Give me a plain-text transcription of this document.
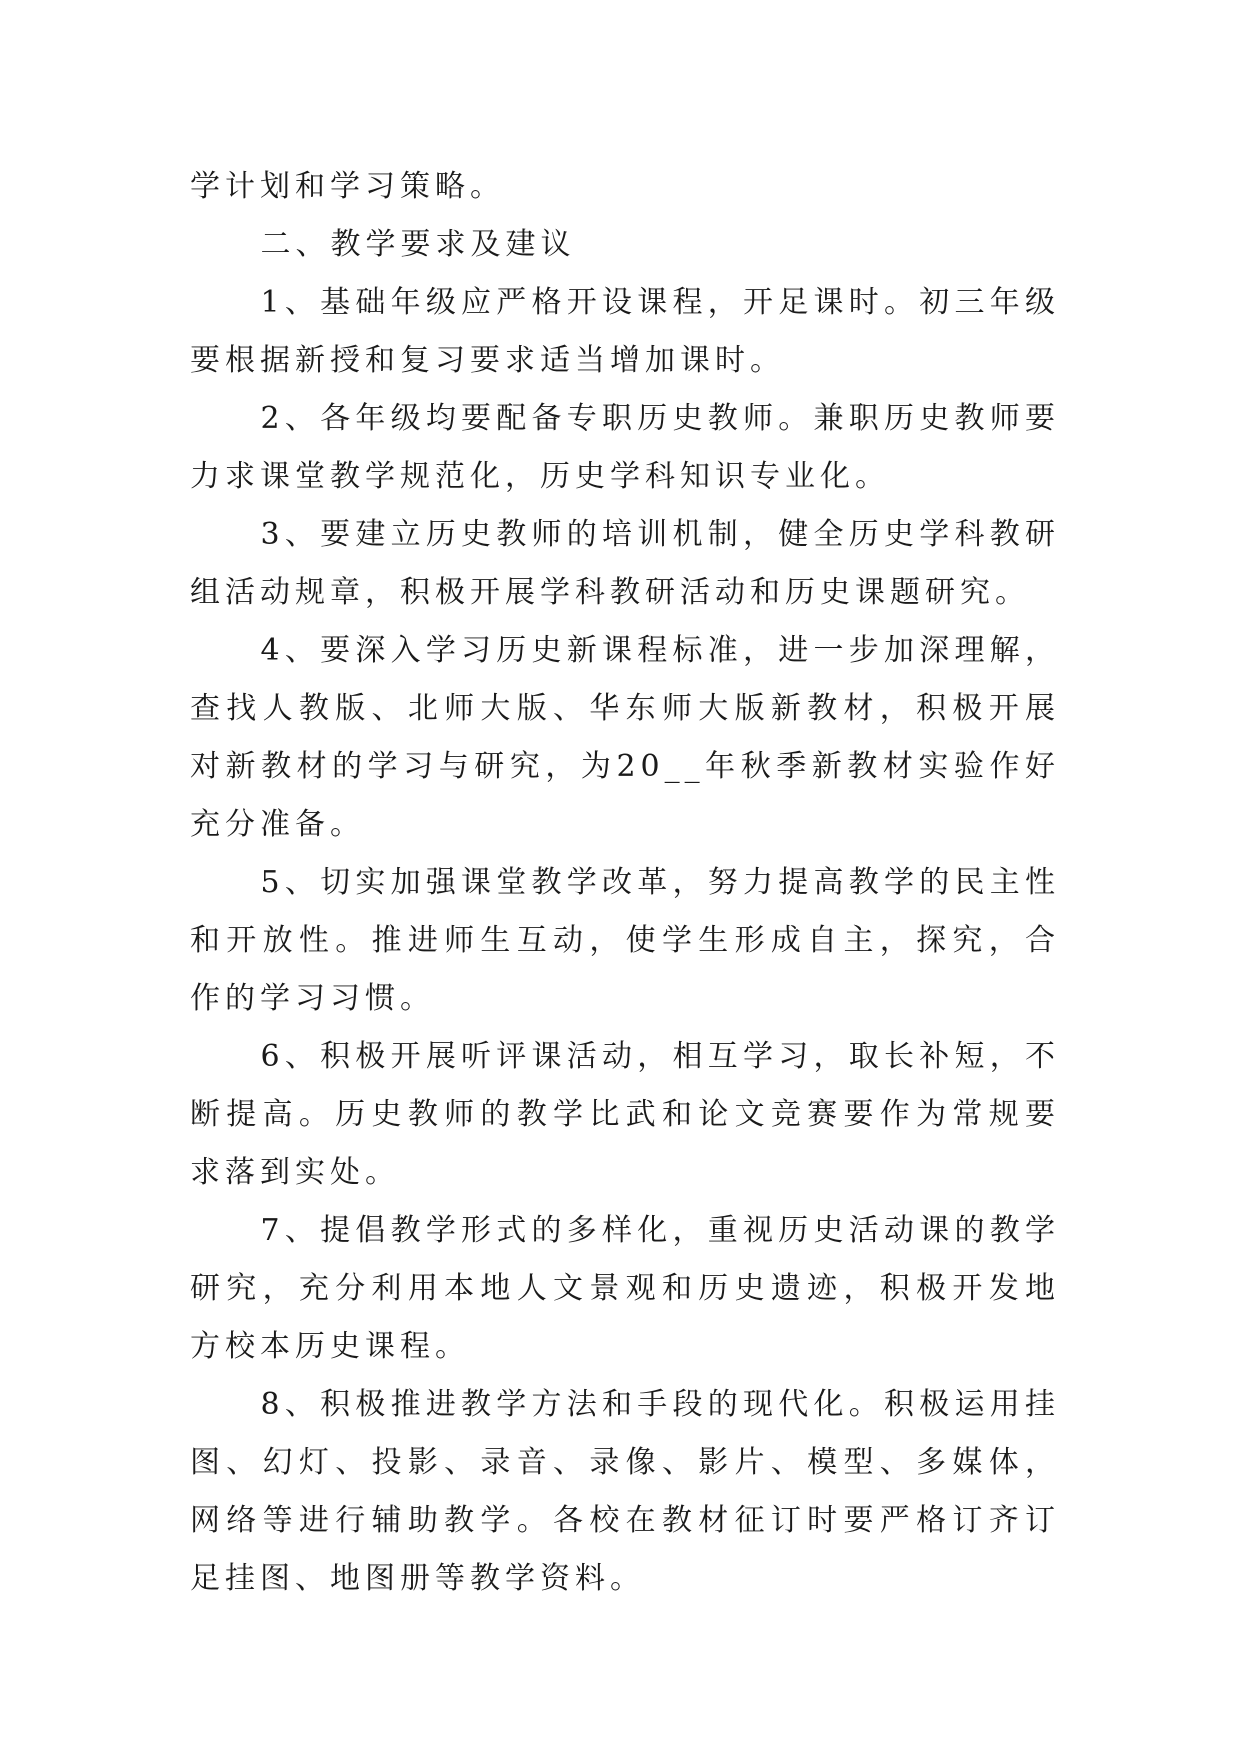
学计划和学习策略。

二、教学要求及建议

1、基础年级应严格开设课程，开足课时。初三年级要根据新授和复习要求适当增加课时。

2、各年级均要配备专职历史教师。兼职历史教师要力求课堂教学规范化，历史学科知识专业化。

3、要建立历史教师的培训机制，健全历史学科教研组活动规章，积极开展学科教研活动和历史课题研究。

4、要深入学习历史新课程标准，进一步加深理解，查找人教版、北师大版、华东师大版新教材，积极开展对新教材的学习与研究，为20__年秋季新教材实验作好充分准备。

5、切实加强课堂教学改革，努力提高教学的民主性和开放性。推进师生互动，使学生形成自主，探究，合作的学习习惯。

6、积极开展听评课活动，相互学习，取长补短，不断提高。历史教师的教学比武和论文竞赛要作为常规要求落到实处。

7、提倡教学形式的多样化，重视历史活动课的教学研究，充分利用本地人文景观和历史遗迹，积极开发地方校本历史课程。

8、积极推进教学方法和手段的现代化。积极运用挂图、幻灯、投影、录音、录像、影片、模型、多媒体，网络等进行辅助教学。各校在教材征订时要严格订齐订足挂图、地图册等教学资料。
